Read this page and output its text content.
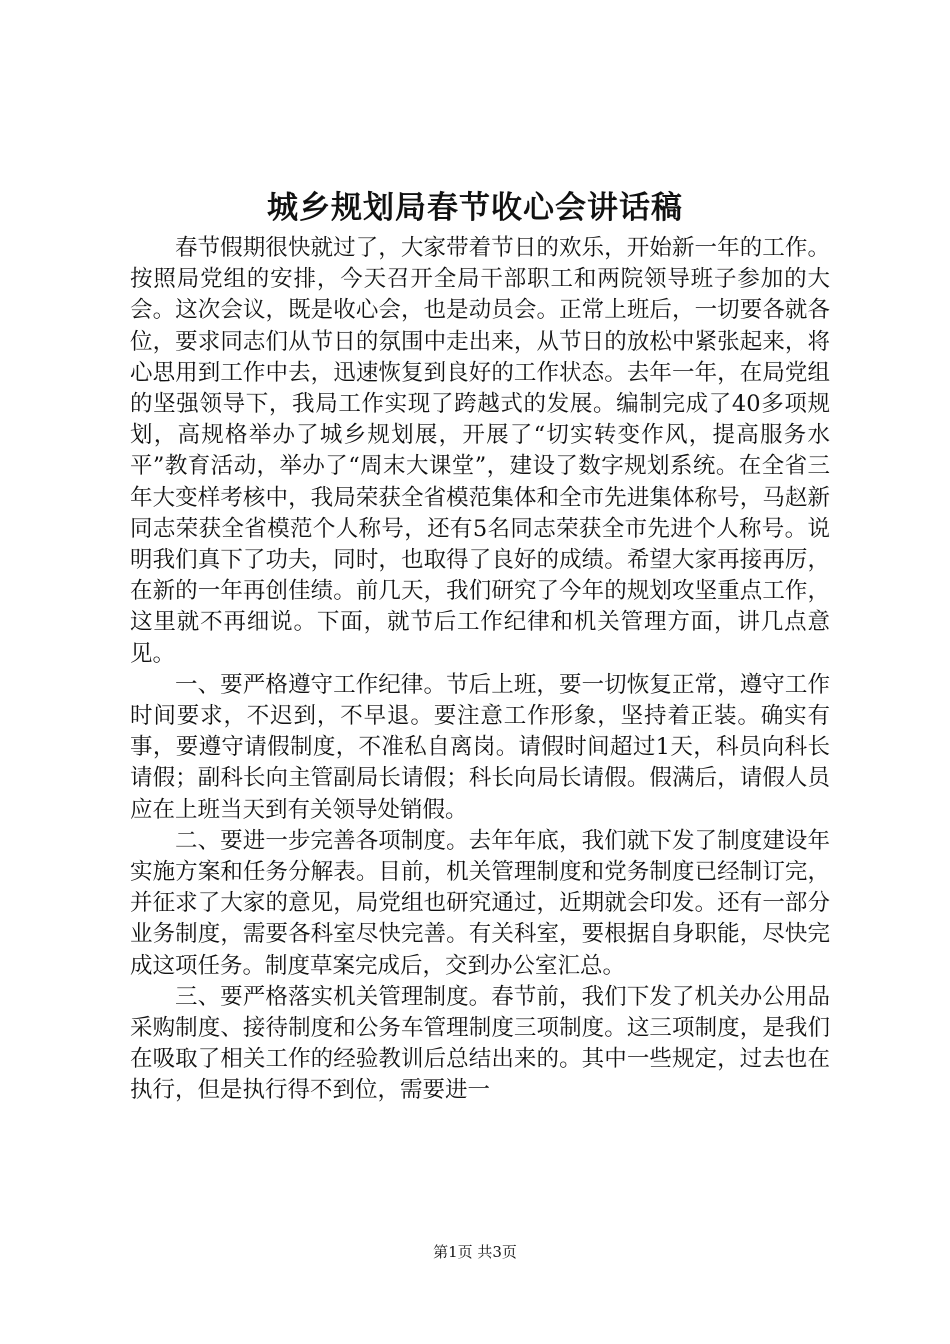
城乡规划局春节收心会讲话稿

春节假期很快就过了，大家带着节日的欢乐，开始新一年的工作。按照局党组的安排，今天召开全局干部职工和两院领导班子参加的大会。这次会议，既是收心会，也是动员会。正常上班后，一切要各就各位，要求同志们从节日的氛围中走出来，从节日的放松中紧张起来，将心思用到工作中去，迅速恢复到良好的工作状态。去年一年，在局党组的坚强领导下，我局工作实现了跨越式的发展。编制完成了40多项规划，高规格举办了城乡规划展，开展了“切实转变作风，提高服务水平”教育活动，举办了“周末大课堂”，建设了数字规划系统。在全省三年大变样考核中，我局荣获全省模范集体和全市先进集体称号，马赵新同志荣获全省模范个人称号，还有5名同志荣获全市先进个人称号。说明我们真下了功夫，同时，也取得了良好的成绩。希望大家再接再厉，在新的一年再创佳绩。前几天，我们研究了今年的规划攻坚重点工作，这里就不再细说。下面，就节后工作纪律和机关管理方面，讲几点意见。

一、要严格遵守工作纪律。节后上班，要一切恢复正常，遵守工作时间要求，不迟到，不早退。要注意工作形象，坚持着正装。确实有事，要遵守请假制度，不准私自离岗。请假时间超过1天，科员向科长请假；副科长向主管副局长请假；科长向局长请假。假满后，请假人员应在上班当天到有关领导处销假。

二、要进一步完善各项制度。去年年底，我们就下发了制度建设年实施方案和任务分解表。目前，机关管理制度和党务制度已经制订完，并征求了大家的意见，局党组也研究通过，近期就会印发。还有一部分业务制度，需要各科室尽快完善。有关科室，要根据自身职能，尽快完成这项任务。制度草案完成后，交到办公室汇总。

三、要严格落实机关管理制度。春节前，我们下发了机关办公用品采购制度、接待制度和公务车管理制度三项制度。这三项制度，是我们在吸取了相关工作的经验教训后总结出来的。其中一些规定，过去也在执行，但是执行得不到位，需要进一

第1页 共3页
